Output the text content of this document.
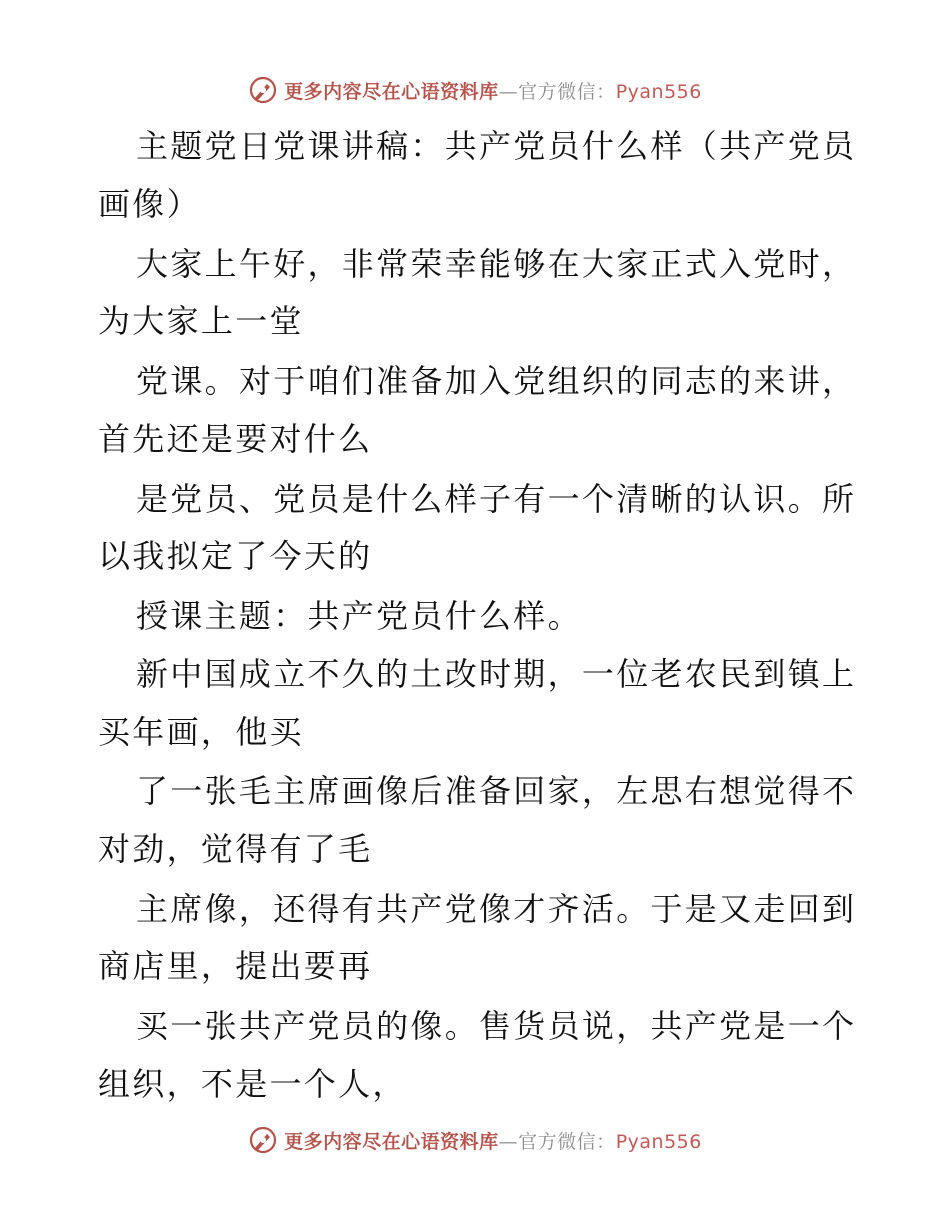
更多内容尽在心语资料库—官方微信：Pyan556
主题党日党课讲稿：共产党员什么样（共产党员
画像）
大家上午好，非常荣幸能够在大家正式入党时，
为大家上一堂
党课。对于咱们准备加入党组织的同志的来讲，
首先还是要对什么
是党员、党员是什么样子有一个清晰的认识。所
以我拟定了今天的
授课主题：共产党员什么样。
新中国成立不久的土改时期，一位老农民到镇上
买年画，他买
了一张毛主席画像后准备回家，左思右想觉得不
对劲，觉得有了毛
主席像，还得有共产党像才齐活。于是又走回到
商店里，提出要再
买一张共产党员的像。售货员说，共产党是一个
组织，不是一个人，
更多内容尽在心语资料库—官方微信：Pyan556
